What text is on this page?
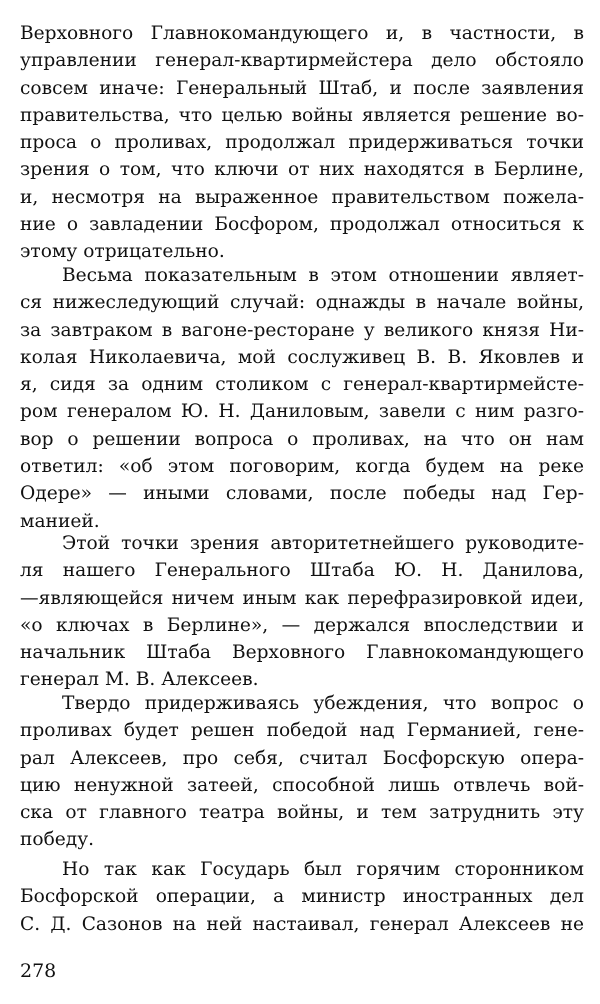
Верховного Главнокомандующего и, в частности, в
управлении генерал-квартирмейстера дело обстояло
совсем иначе: Генеральный Штаб, и после заявления
правительства, что целью войны является решение во-
проса о проливах, продолжал придерживаться точки
зрения о том, что ключи от них находятся в Берлине,
и, несмотря на выраженное правительством пожела-
ние о завладении Босфором, продолжал относиться к
этому отрицательно.
Весьма показательным в этом отношении являет-
ся нижеследующий случай: однажды в начале войны,
за завтраком в вагоне-ресторане у великого князя Ни-
колая Николаевича, мой сослуживец В. В. Яковлев и
я, сидя за одним столиком с генерал-квартирмейсте-
ром генералом Ю. Н. Даниловым, завели с ним разго-
вор о решении вопроса о проливах, на что он нам
ответил: «об этом поговорим, когда будем на реке
Одере» — иными словами, после победы над Гер-
манией.
Этой точки зрения авторитетнейшего руководите-
ля нашего Генерального Штаба Ю. Н. Данилова,
—являющейся ничем иным как перефразировкой идеи,
«о ключах в Берлине», — держался впоследствии и
начальник Штаба Верховного Главнокомандующего
генерал М. В. Алексеев.
Твердо придерживаясь убеждения, что вопрос о
проливах будет решен победой над Германией, гене-
рал Алексеев, про себя, считал Босфорскую опера-
цию ненужной затеей, способной лишь отвлечь вой-
ска от главного театра войны, и тем затруднить эту
победу.
Но так как Государь был горячим сторонником
Босфорской операции, а министр иностранных дел
С. Д. Сазонов на ней настаивал, генерал Алексеев не
278
